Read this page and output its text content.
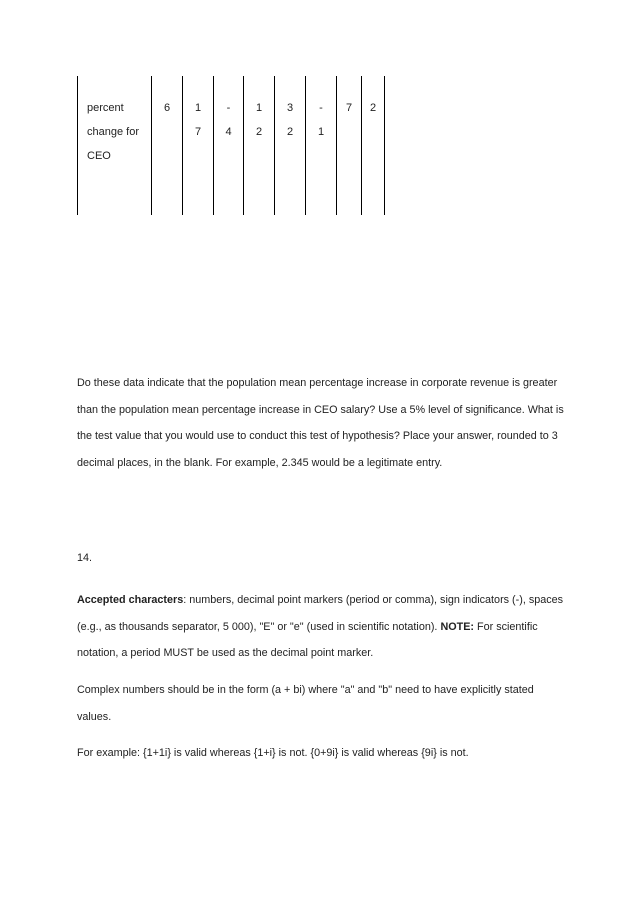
percent
change for
CEO
6	1
7
-
4
1
2
3
2
-
1
7	2

Do these data indicate that the population mean percentage increase in corporate revenue is greater than the population mean percentage increase in CEO salary? Use a 5% level of significance. What is the test value that you would use to conduct this test of hypothesis? Place your answer, rounded to 3 decimal places, in the blank. For example, 2.345 would be a legitimate entry.

14.

Accepted characters: numbers, decimal point markers (period or comma), sign indicators (-), spaces (e.g., as thousands separator, 5 000), "E" or "e" (used in scientific notation). NOTE: For scientific notation, a period MUST be used as the decimal point marker.

Complex numbers should be in the form (a + bi) where "a" and "b" need to have explicitly stated values.

For example: {1+1i} is valid whereas {1+i} is not. {0+9i} is valid whereas {9i} is not.
